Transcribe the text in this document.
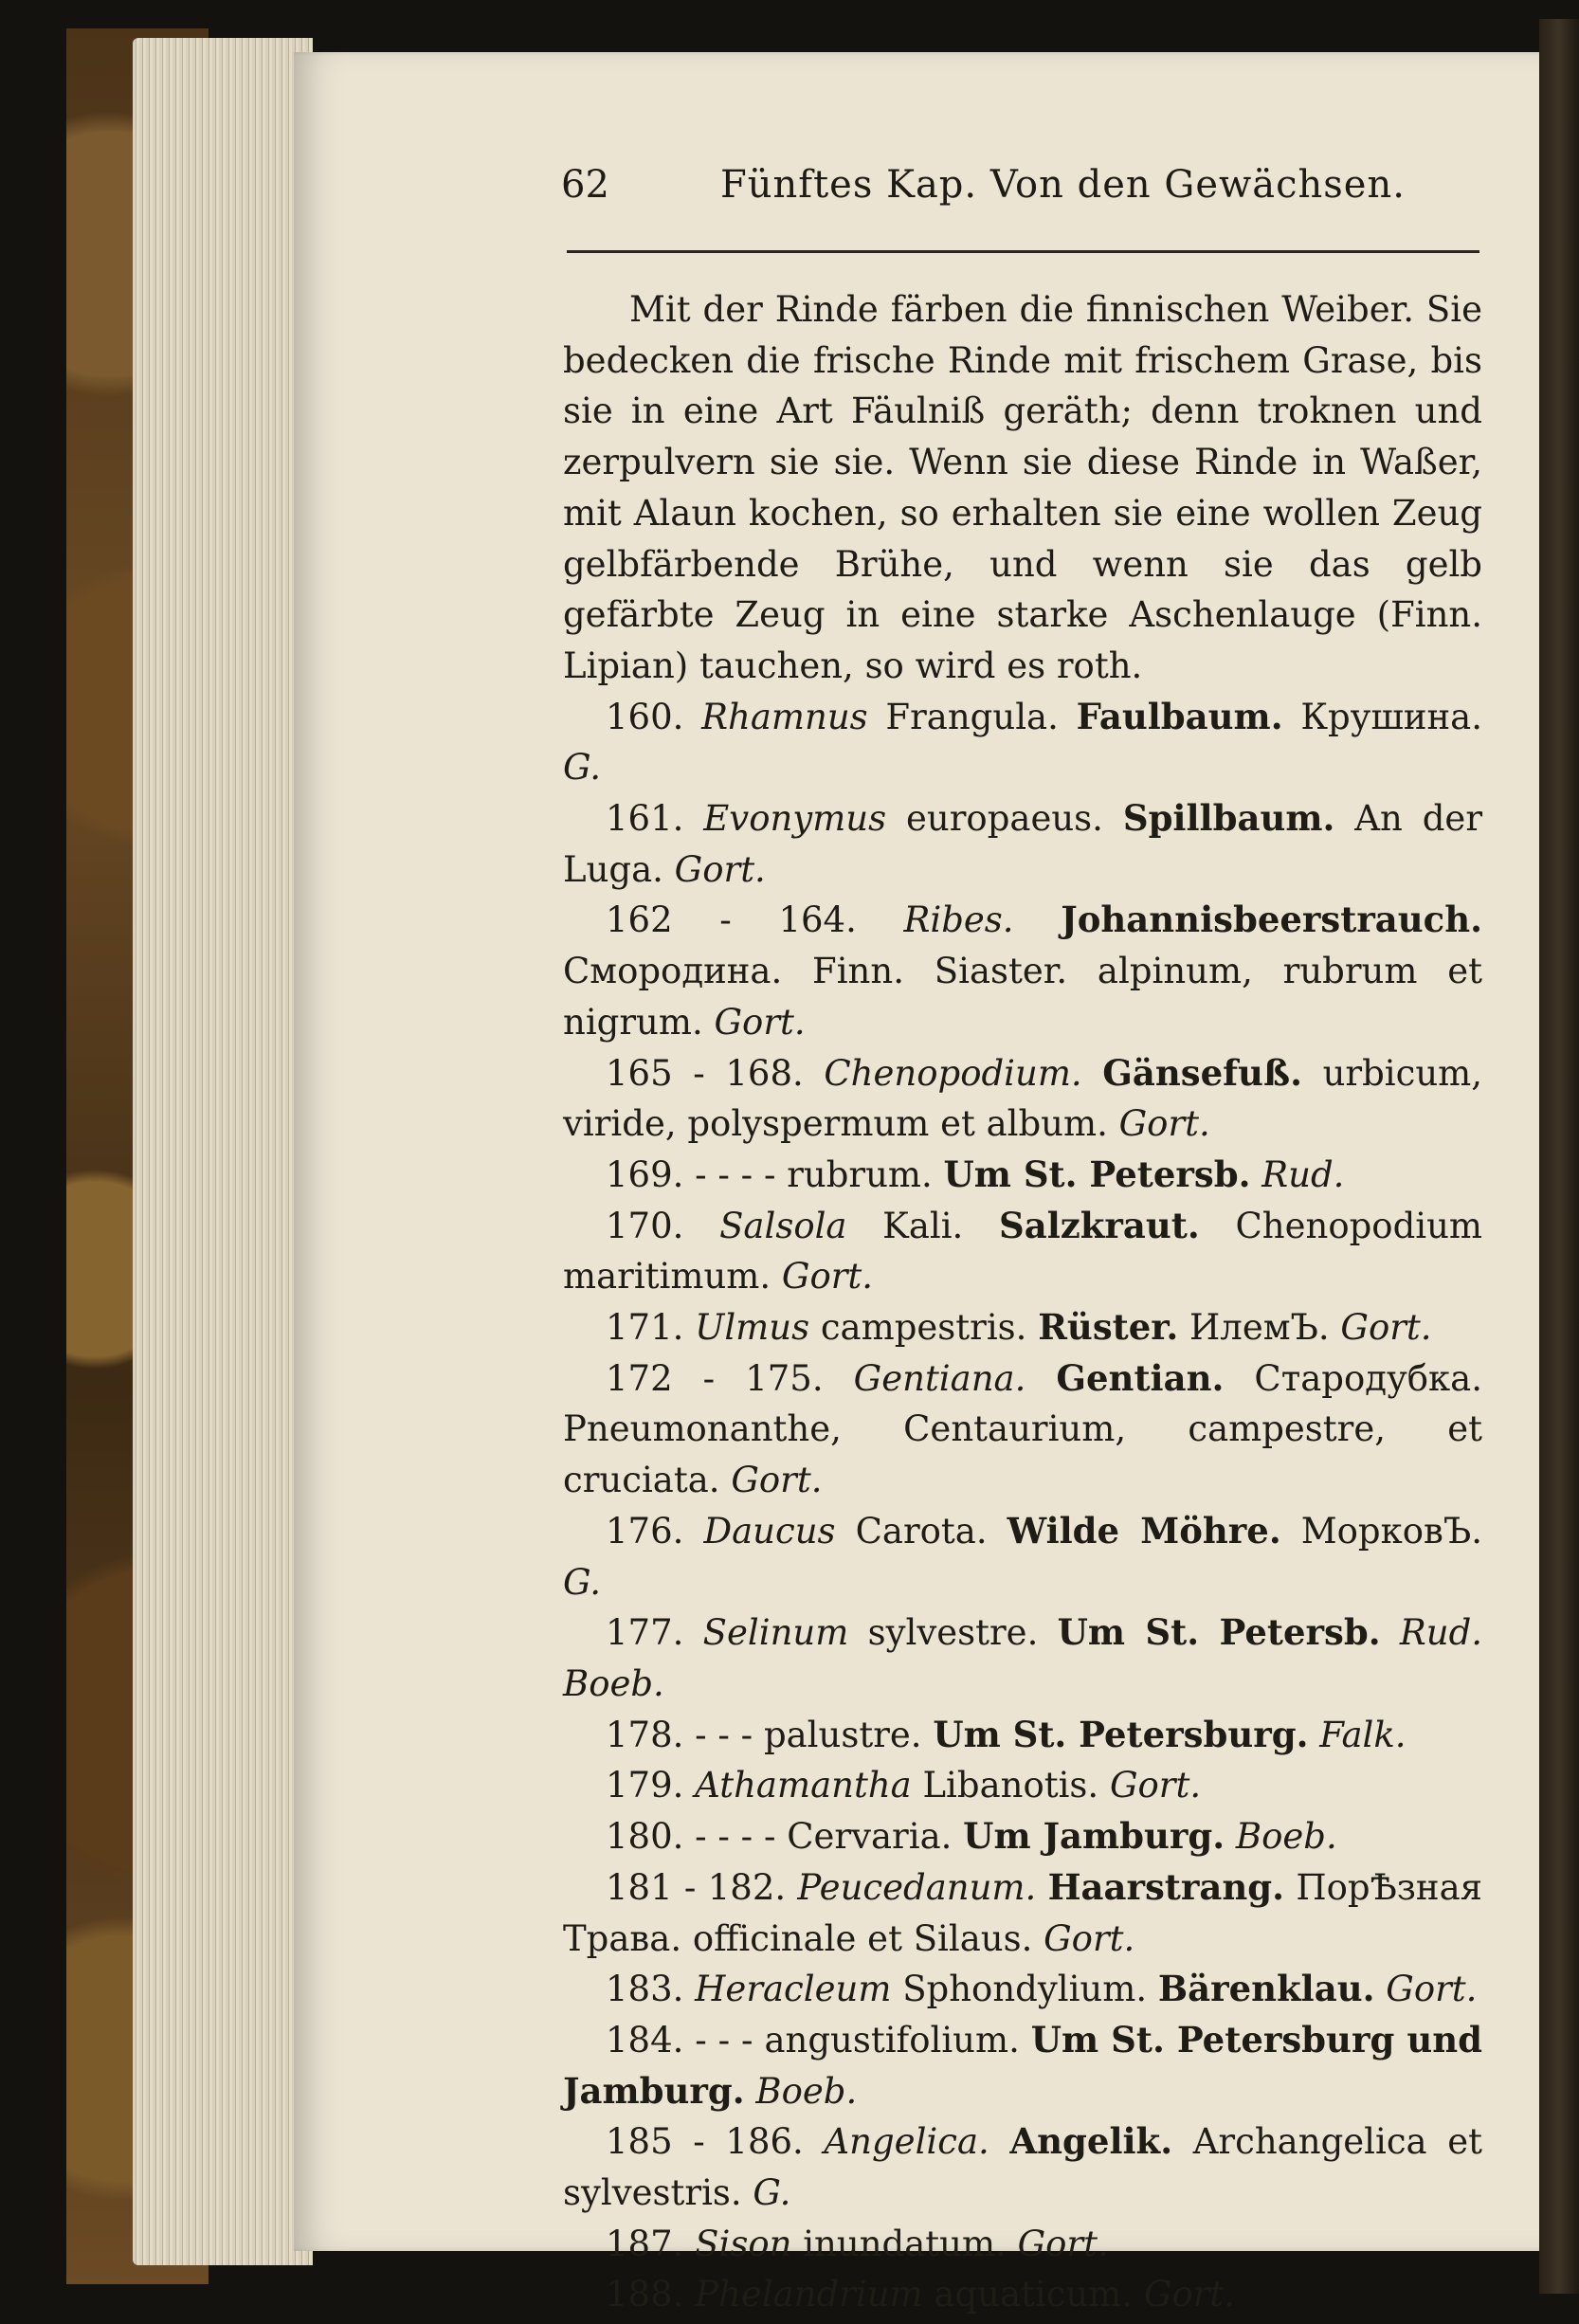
62	Fünftes Kap. Von den Gewächsen.

Mit der Rinde färben die finnischen Weiber. Sie bedecken die frische Rinde mit frischem Grase, bis sie in eine Art Fäulniß geräth; denn troknen und zerpulvern sie sie. Wenn sie diese Rinde in Waßer, mit Alaun kochen, so erhalten sie eine wollen Zeug gelbfärbende Brühe, und wenn sie das gelb gefärbte Zeug in eine starke Aschenlauge (Finn. Lipian) tauchen, so wird es roth.

160. Rhamnus Frangula. Faulbaum. Крушина. G.

161. Evonymus europaeus. Spillbaum. An der Luga. Gort.

162 - 164. Ribes. Johannisbeerstrauch. Смородина. Finn. Siaster. alpinum, rubrum et nigrum. Gort.

165 - 168. Chenopodium. Gänsefuß. urbicum, viride, polyspermum et album. Gort.

169. - - - - rubrum. Um St. Petersb. Rud.

170. Salsola Kali. Salzkraut. Chenopodium maritimum. Gort.

171. Ulmus campestris. Rüster. ИлемЪ. Gort.

172 - 175. Gentiana. Gentian. Стародубка. Pneumonanthe, Centaurium, campestre, et cruciata. Gort.

176. Daucus Carota. Wilde Möhre. МорковЪ. G.

177. Selinum sylvestre. Um St. Petersb. Rud. Boeb.

178. - - - palustre. Um St. Petersburg. Falk.

179. Athamantha Libanotis. Gort.

180. - - - - Cervaria. Um Jamburg. Boeb.

181 - 182. Peucedanum. Haarstrang. ПорѢзная Трава. officinale et Silaus. Gort.

183. Heracleum Sphondylium. Bärenklau. Gort.

184. - - - angustifolium. Um St. Petersburg und Jamburg. Boeb.

185 - 186. Angelica. Angelik. Archangelica et sylvestris. G.

187. Sison inundatum. Gort.

188. Phelandrium aquaticum. Gort.
